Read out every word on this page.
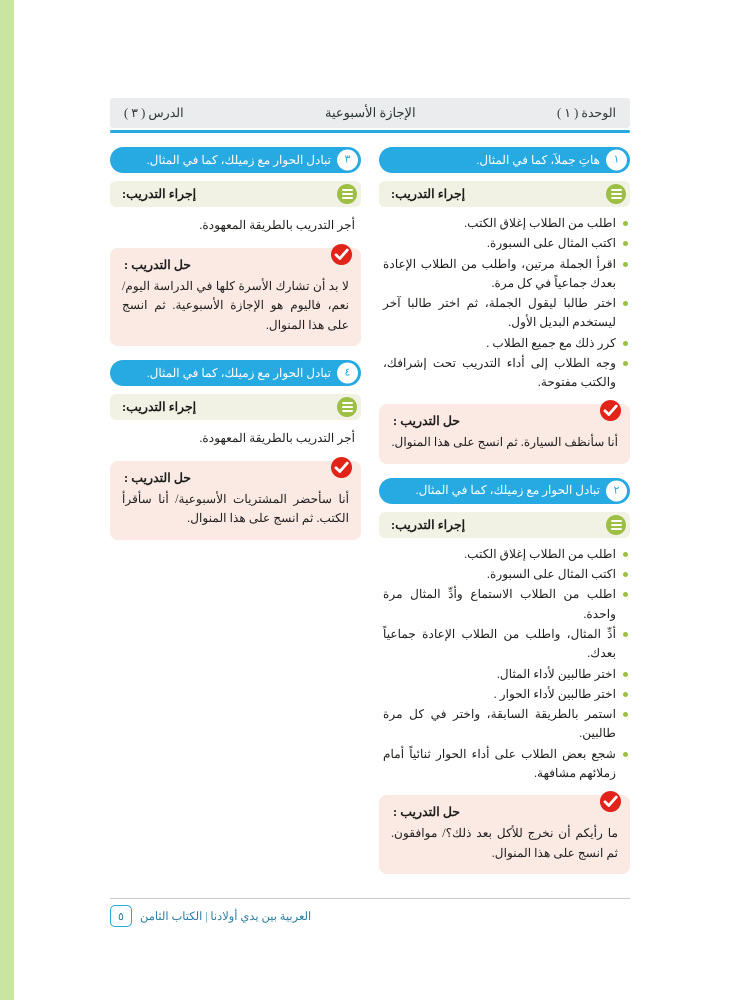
الوحدة ( ١ )
الإجازة الأسبوعية
الدرس ( ٣ )
١
هاتِ جملاً، كما في المثال.
إجراء التدريب:
اطلب من الطلاب إغلاق الكتب.
اكتب المثال على السبورة.
اقرأ الجملة مرتين، واطلب من الطلاب الإعادة بعدك جماعياً في كل مرة.
اختر طالبا ليقول الجملة، ثم اختر طالبا آخر ليستخدم البديل الأول.
كرر ذلك مع جميع الطلاب .
وجه الطلاب إلى أداء التدريب تحت إشرافك، والكتب مفتوحة.
حل التدريب :
أنا سأنظف السيارة. ثم انسج على هذا المنوال.
٢
تبادل الحوار مع زميلك، كما في المثال.
إجراء التدريب:
اطلب من الطلاب إغلاق الكتب.
اكتب المثال على السبورة.
اطلب من الطلاب الاستماع وأدِّ المثال مرة واحدة.
أدِّ المثال، واطلب من الطلاب الإعادة جماعياً بعدك.
اختر طالبين لأداء المثال.
اختر طالبين لأداء الحوار .
استمر بالطريقة السابقة، واختر في كل مرة طالبين.
شجع بعض الطلاب على أداء الحوار ثنائياً أمام زملائهم مشافهة.
حل التدريب :
ما رأيكم أن نخرج للأكل بعد ذلك؟/ موافقون. ثم انسج على هذا المنوال.
٣
تبادل الحوار مع زميلك، كما في المثال.
إجراء التدريب:
أجر التدريب بالطريقة المعهودة.
حل التدريب :
لا بد أن تشارك الأسرة كلها في الدراسة اليوم/ نعم، فاليوم هو الإجازة الأسبوعية. ثم انسج على هذا المنوال.
٤
تبادل الحوار مع زميلك، كما في المثال.
إجراء التدريب:
أجر التدريب بالطريقة المعهودة.
حل التدريب :
أنا سأحضر المشتريات الأسبوعية/ أنا سأقرأ الكتب. ثم انسج على هذا المنوال.
٥	العربية بين يدي أولادنا | الكتاب الثامن
